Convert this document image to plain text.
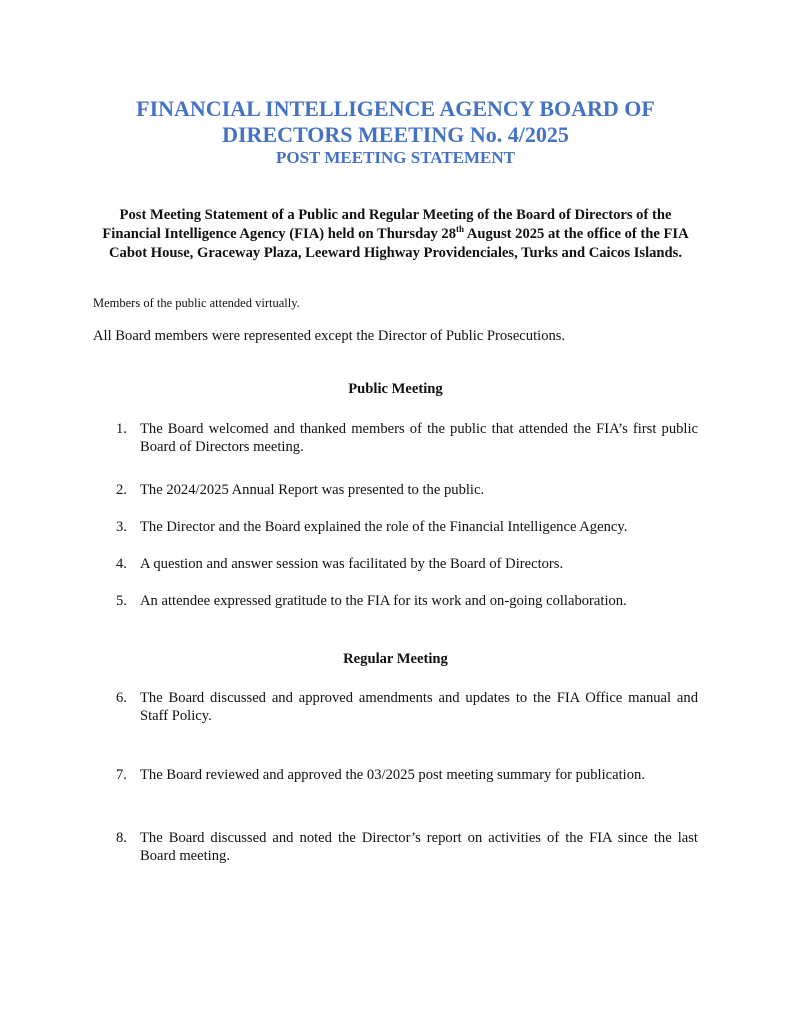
FINANCIAL INTELLIGENCE AGENCY BOARD OF
DIRECTORS MEETING No. 4/2025
POST MEETING STATEMENT
Post Meeting Statement of a Public and Regular Meeting of the Board of Directors of the Financial Intelligence Agency (FIA) held on Thursday 28th August 2025 at the office of the FIA Cabot House, Graceway Plaza, Leeward Highway Providenciales, Turks and Caicos Islands.
Members of the public attended virtually.
All Board members were represented except the Director of Public Prosecutions.
Public Meeting
1. The Board welcomed and thanked members of the public that attended the FIA’s first public Board of Directors meeting.
2. The 2024/2025 Annual Report was presented to the public.
3. The Director and the Board explained the role of the Financial Intelligence Agency.
4. A question and answer session was facilitated by the Board of Directors.
5. An attendee expressed gratitude to the FIA for its work and on-going collaboration.
Regular Meeting
6. The Board discussed and approved amendments and updates to the FIA Office manual and Staff Policy.
7. The Board reviewed and approved the 03/2025 post meeting summary for publication.
8. The Board discussed and noted the Director’s report on activities of the FIA since the last Board meeting.
